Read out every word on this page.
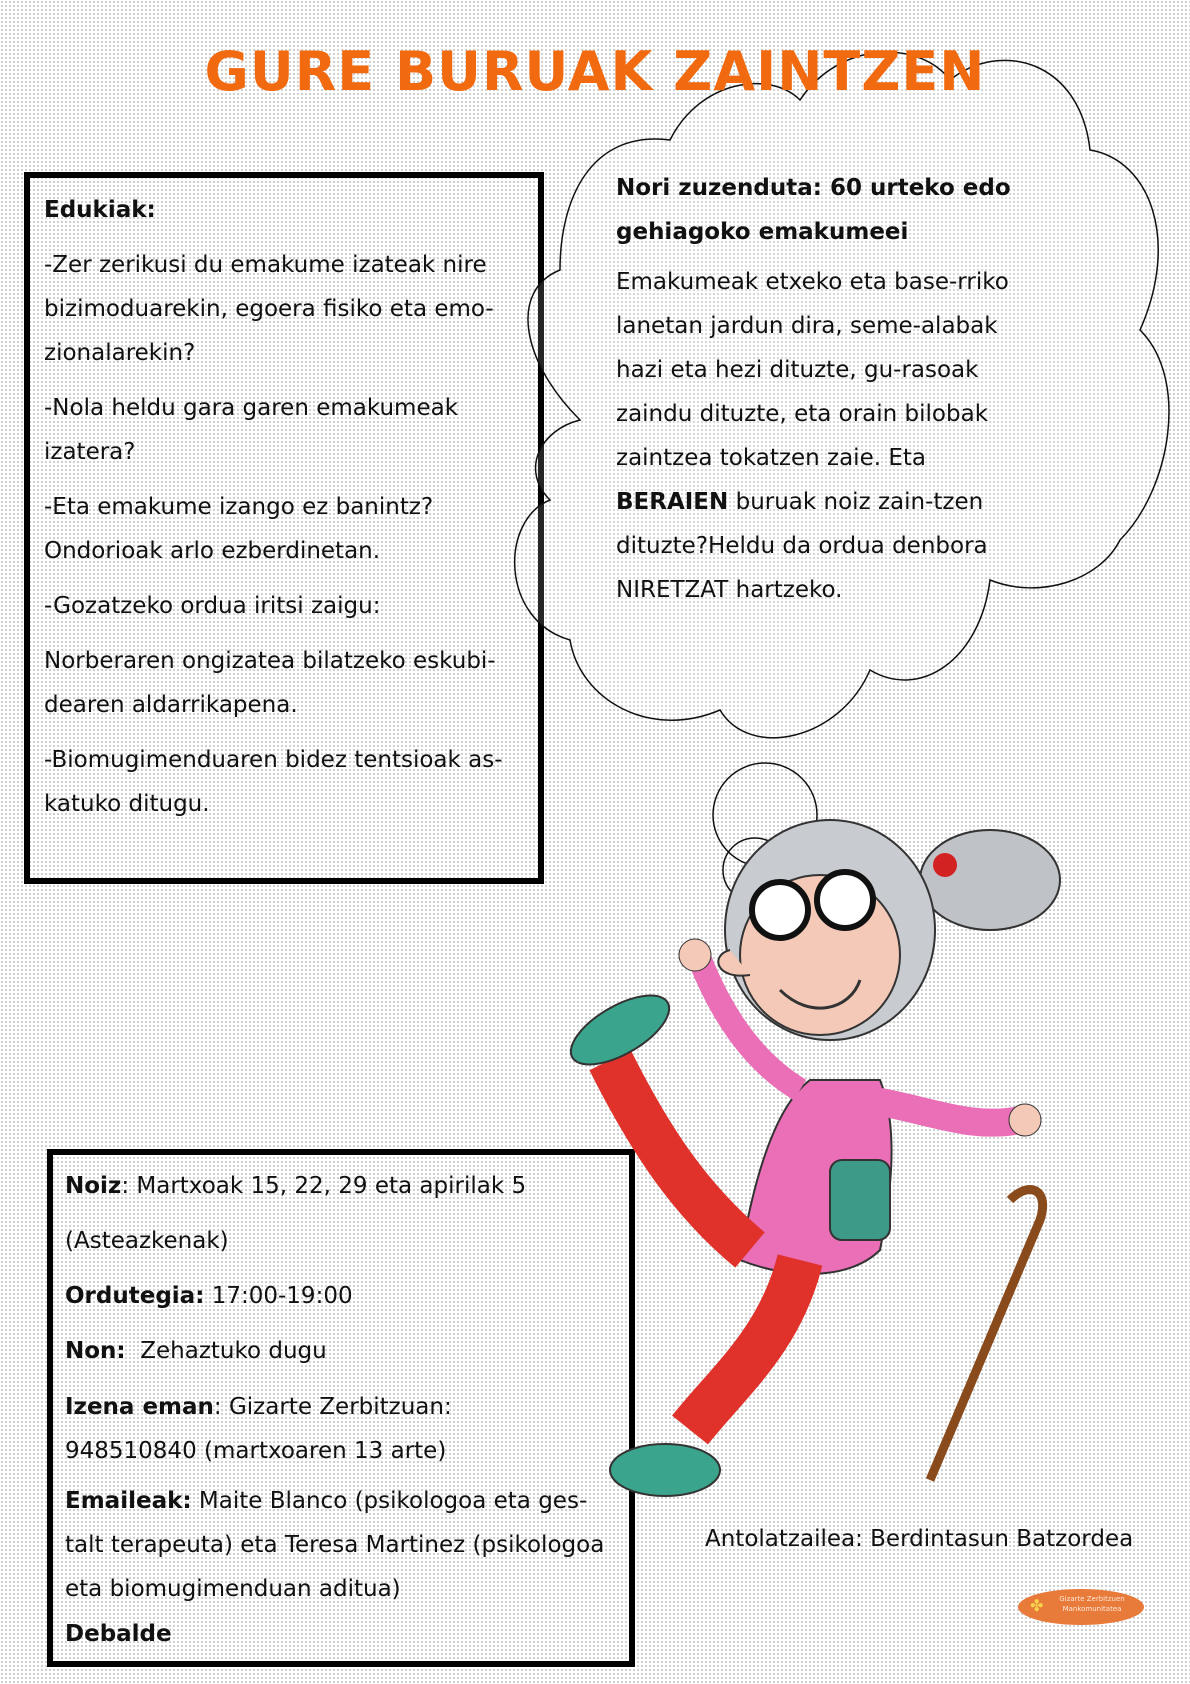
GURE BURUAK ZAINTZEN

Edukiak:

-Zer zerikusi du emakume izateak nire bizimoduarekin, egoera fisiko eta emo-zionalarekin?

-Nola heldu gara garen emakumeak izatera?

-Eta emakume izango ez banintz? Ondorioak arlo ezberdinetan.

-Gozatzeko ordua iritsi zaigu:

Norberaren ongizatea bilatzeko eskubi-dearen aldarrikapena.

-Biomugimenduaren bidez tentsioak as-katuko ditugu.

Nori zuzenduta: 60 urteko edo gehiagoko emakumeei

Emakumeak etxeko eta base-rriko lanetan jardun dira, seme-alabak hazi eta hezi dituzte, gu-rasoak zaindu dituzte, eta orain bilobak zaintzea tokatzen zaie. Eta BERAIEN buruak noiz zain-tzen dituzte?Heldu da ordua denbora NIRETZAT hartzeko.

Noiz: Martxoak 15, 22, 29 eta apirilak 5

(Asteazkenak)

Ordutegia: 17:00-19:00

Non:  Zehaztuko dugu

Izena eman: Gizarte Zerbitzuan:
948510840 (martxoaren 13 arte)

Emaileak: Maite Blanco (psikologoa eta ges-talt terapeuta) eta Teresa Martinez (psikologoa eta biomugimenduan aditua)

Debalde

Antolatzailea: Berdintasun Batzordea
✤	Gizarte Zerbitzuen Mankomunitatea
